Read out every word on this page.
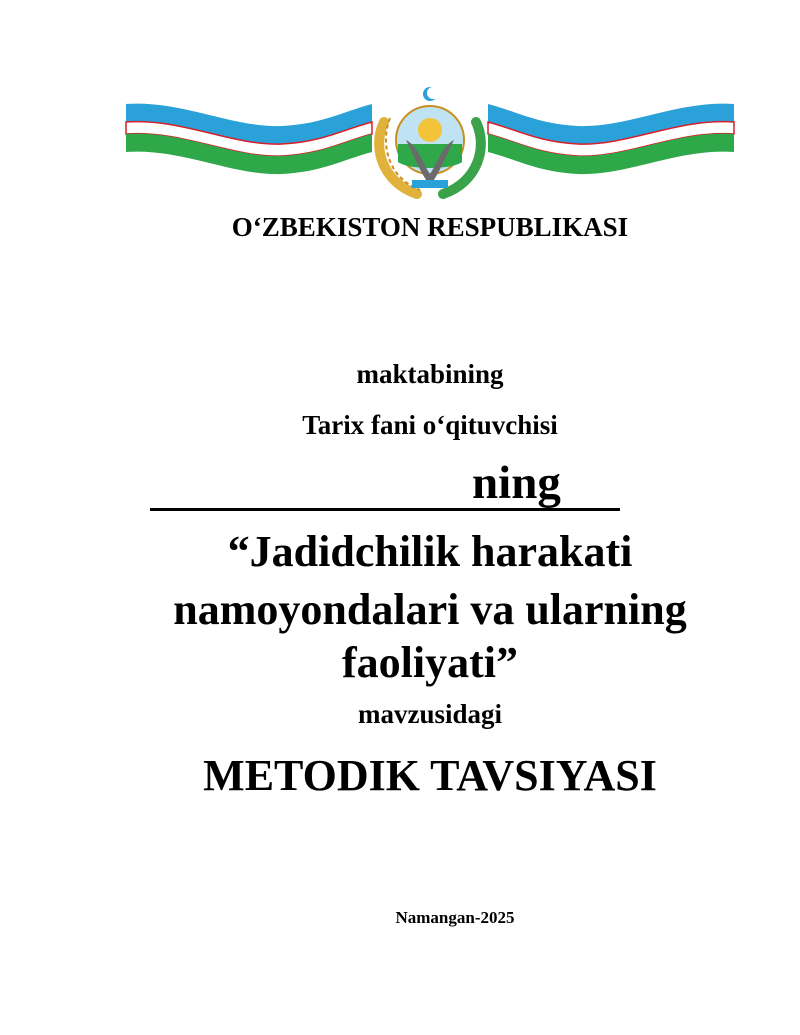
O‘ZBEKISTON RESPUBLIKASI
maktabining
Tarix fani o‘qituvchisi
ning
“Jadidchilik harakati
namoyondalari va ularning
faoliyati”
mavzusidagi
METODIK TAVSIYASI
Namangan-2025
